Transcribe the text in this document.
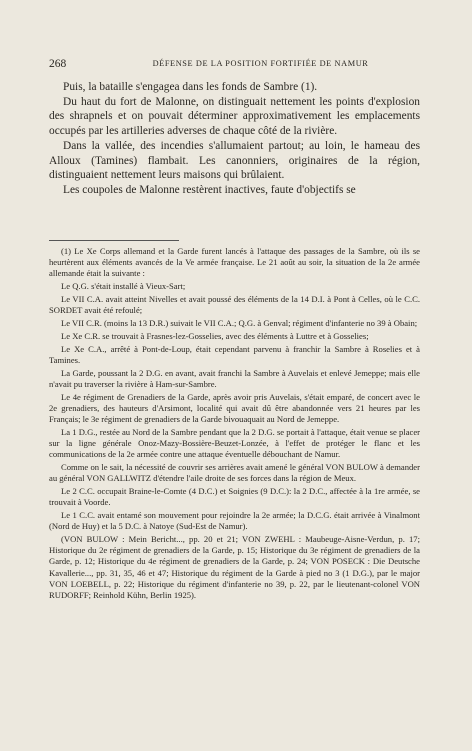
268	DÉFENSE DE LA POSITION FORTIFIÉE DE NAMUR

Puis, la bataille s'engagea dans les fonds de Sambre (1).

Du haut du fort de Malonne, on distinguait nettement les points d'explosion des shrapnels et on pouvait déterminer approximativement les emplacements occupés par les artilleries adverses de chaque côté de la rivière.

Dans la vallée, des incendies s'allumaient partout; au loin, le hameau des Alloux (Tamines) flambait. Les canonniers, originaires de la région, distinguaient nettement leurs maisons qui brûlaient.

Les coupoles de Malonne restèrent inactives, faute d'objectifs se

(1) Le Xe Corps allemand et la Garde furent lancés à l'attaque des passages de la Sambre, où ils se heurtèrent aux éléments avancés de la Ve armée française. Le 21 août au soir, la situation de la 2e armée allemande était la suivante :

Le Q.G. s'était installé à Vieux-Sart;

Le VII C.A. avait atteint Nivelles et avait poussé des éléments de la 14 D.I. à Pont à Celles, où le C.C. SORDET avait été refoulé;

Le VII C.R. (moins la 13 D.R.) suivait le VII C.A.; Q.G. à Genval; régiment d'infanterie no 39 à Obain;

Le Xe C.R. se trouvait à Frasnes-lez-Gosselies, avec des éléments à Luttre et à Gosselies;

Le Xe C.A., arrêté à Pont-de-Loup, était cependant parvenu à franchir la Sambre à Roselies et à Tamines.

La Garde, poussant la 2 D.G. en avant, avait franchi la Sambre à Auvelais et enlevé Jemeppe; mais elle n'avait pu traverser la rivière à Ham-sur-Sambre.

Le 4e régiment de Grenadiers de la Garde, après avoir pris Auvelais, s'était emparé, de concert avec le 2e grenadiers, des hauteurs d'Arsimont, localité qui avait dû être abandonnée vers 21 heures par les Français; le 3e régiment de grenadiers de la Garde bivouaquait au Nord de Jemeppe.

La 1 D.G., restée au Nord de la Sambre pendant que la 2 D.G. se portait à l'attaque, était venue se placer sur la ligne générale Onoz-Mazy-Bossière-Beuzet-Lonzée, à l'effet de protéger le flanc et les communications de la 2e armée contre une attaque éventuelle débouchant de Namur.

Comme on le sait, la nécessité de couvrir ses arrières avait amené le général VON BULOW à demander au général VON GALLWITZ d'étendre l'aile droite de ses forces dans la région de Meux.

Le 2 C.C. occupait Braine-le-Comte (4 D.C.) et Soignies (9 D.C.): la 2 D.C., affectée à la 1re armée, se trouvait à Voorde.

Le 1 C.C. avait entamé son mouvement pour rejoindre la 2e armée; la D.C.G. était arrivée à Vinalmont (Nord de Huy) et la 5 D.C. à Natoye (Sud-Est de Namur).

(VON BULOW : Mein Bericht..., pp. 20 et 21; VON ZWEHL : Maubeuge-Aisne-Verdun, p. 17; Historique du 2e régiment de grenadiers de la Garde, p. 15; Historique du 3e régiment de grenadiers de la Garde, p. 12; Historique du 4e régiment de grenadiers de la Garde, p. 24; VON POSECK : Die Deutsche Kavallerie..., pp. 31, 35, 46 et 47; Historique du régiment de la Garde à pied no 3 (1 D.G.), par le major VON LOEBELL, p. 22; Historique du régiment d'infanterie no 39, p. 22, par le lieutenant-colonel VON RUDORFF; Reinhold Kühn, Berlin 1925).
